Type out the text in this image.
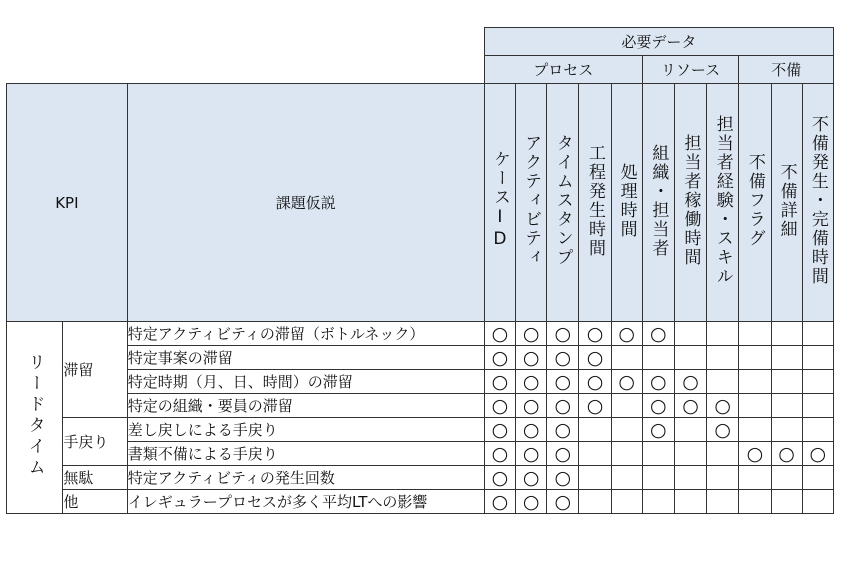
			必要データ										
			プロセス					リソース			不備		
KPI		課題仮説	ケースID	アクティビティ	タイムスタンプ	工程発生時間	処理時間	組織・担当者	担当者稼働時間	担当者経験・スキル	不備フラグ	不備詳細	不備発生・完備時間
リードタイム	滞留	特定アクティビティの滞留（ボトルネック）	○	○	○	○	○	○					
		特定事案の滞留	○	○	○	○							
		特定時期（月、日、時間）の滞留	○	○	○	○	○	○	○				
		特定の組織・要員の滞留	○	○	○	○		○	○	○			
	手戻り	差し戻しによる手戻り	○	○	○			○		○			
		書類不備による手戻り	○	○	○						○	○	○
	無駄	特定アクティビティの発生回数	○	○	○								
	他	イレギュラープロセスが多く平均LTへの影響	○	○	○								
